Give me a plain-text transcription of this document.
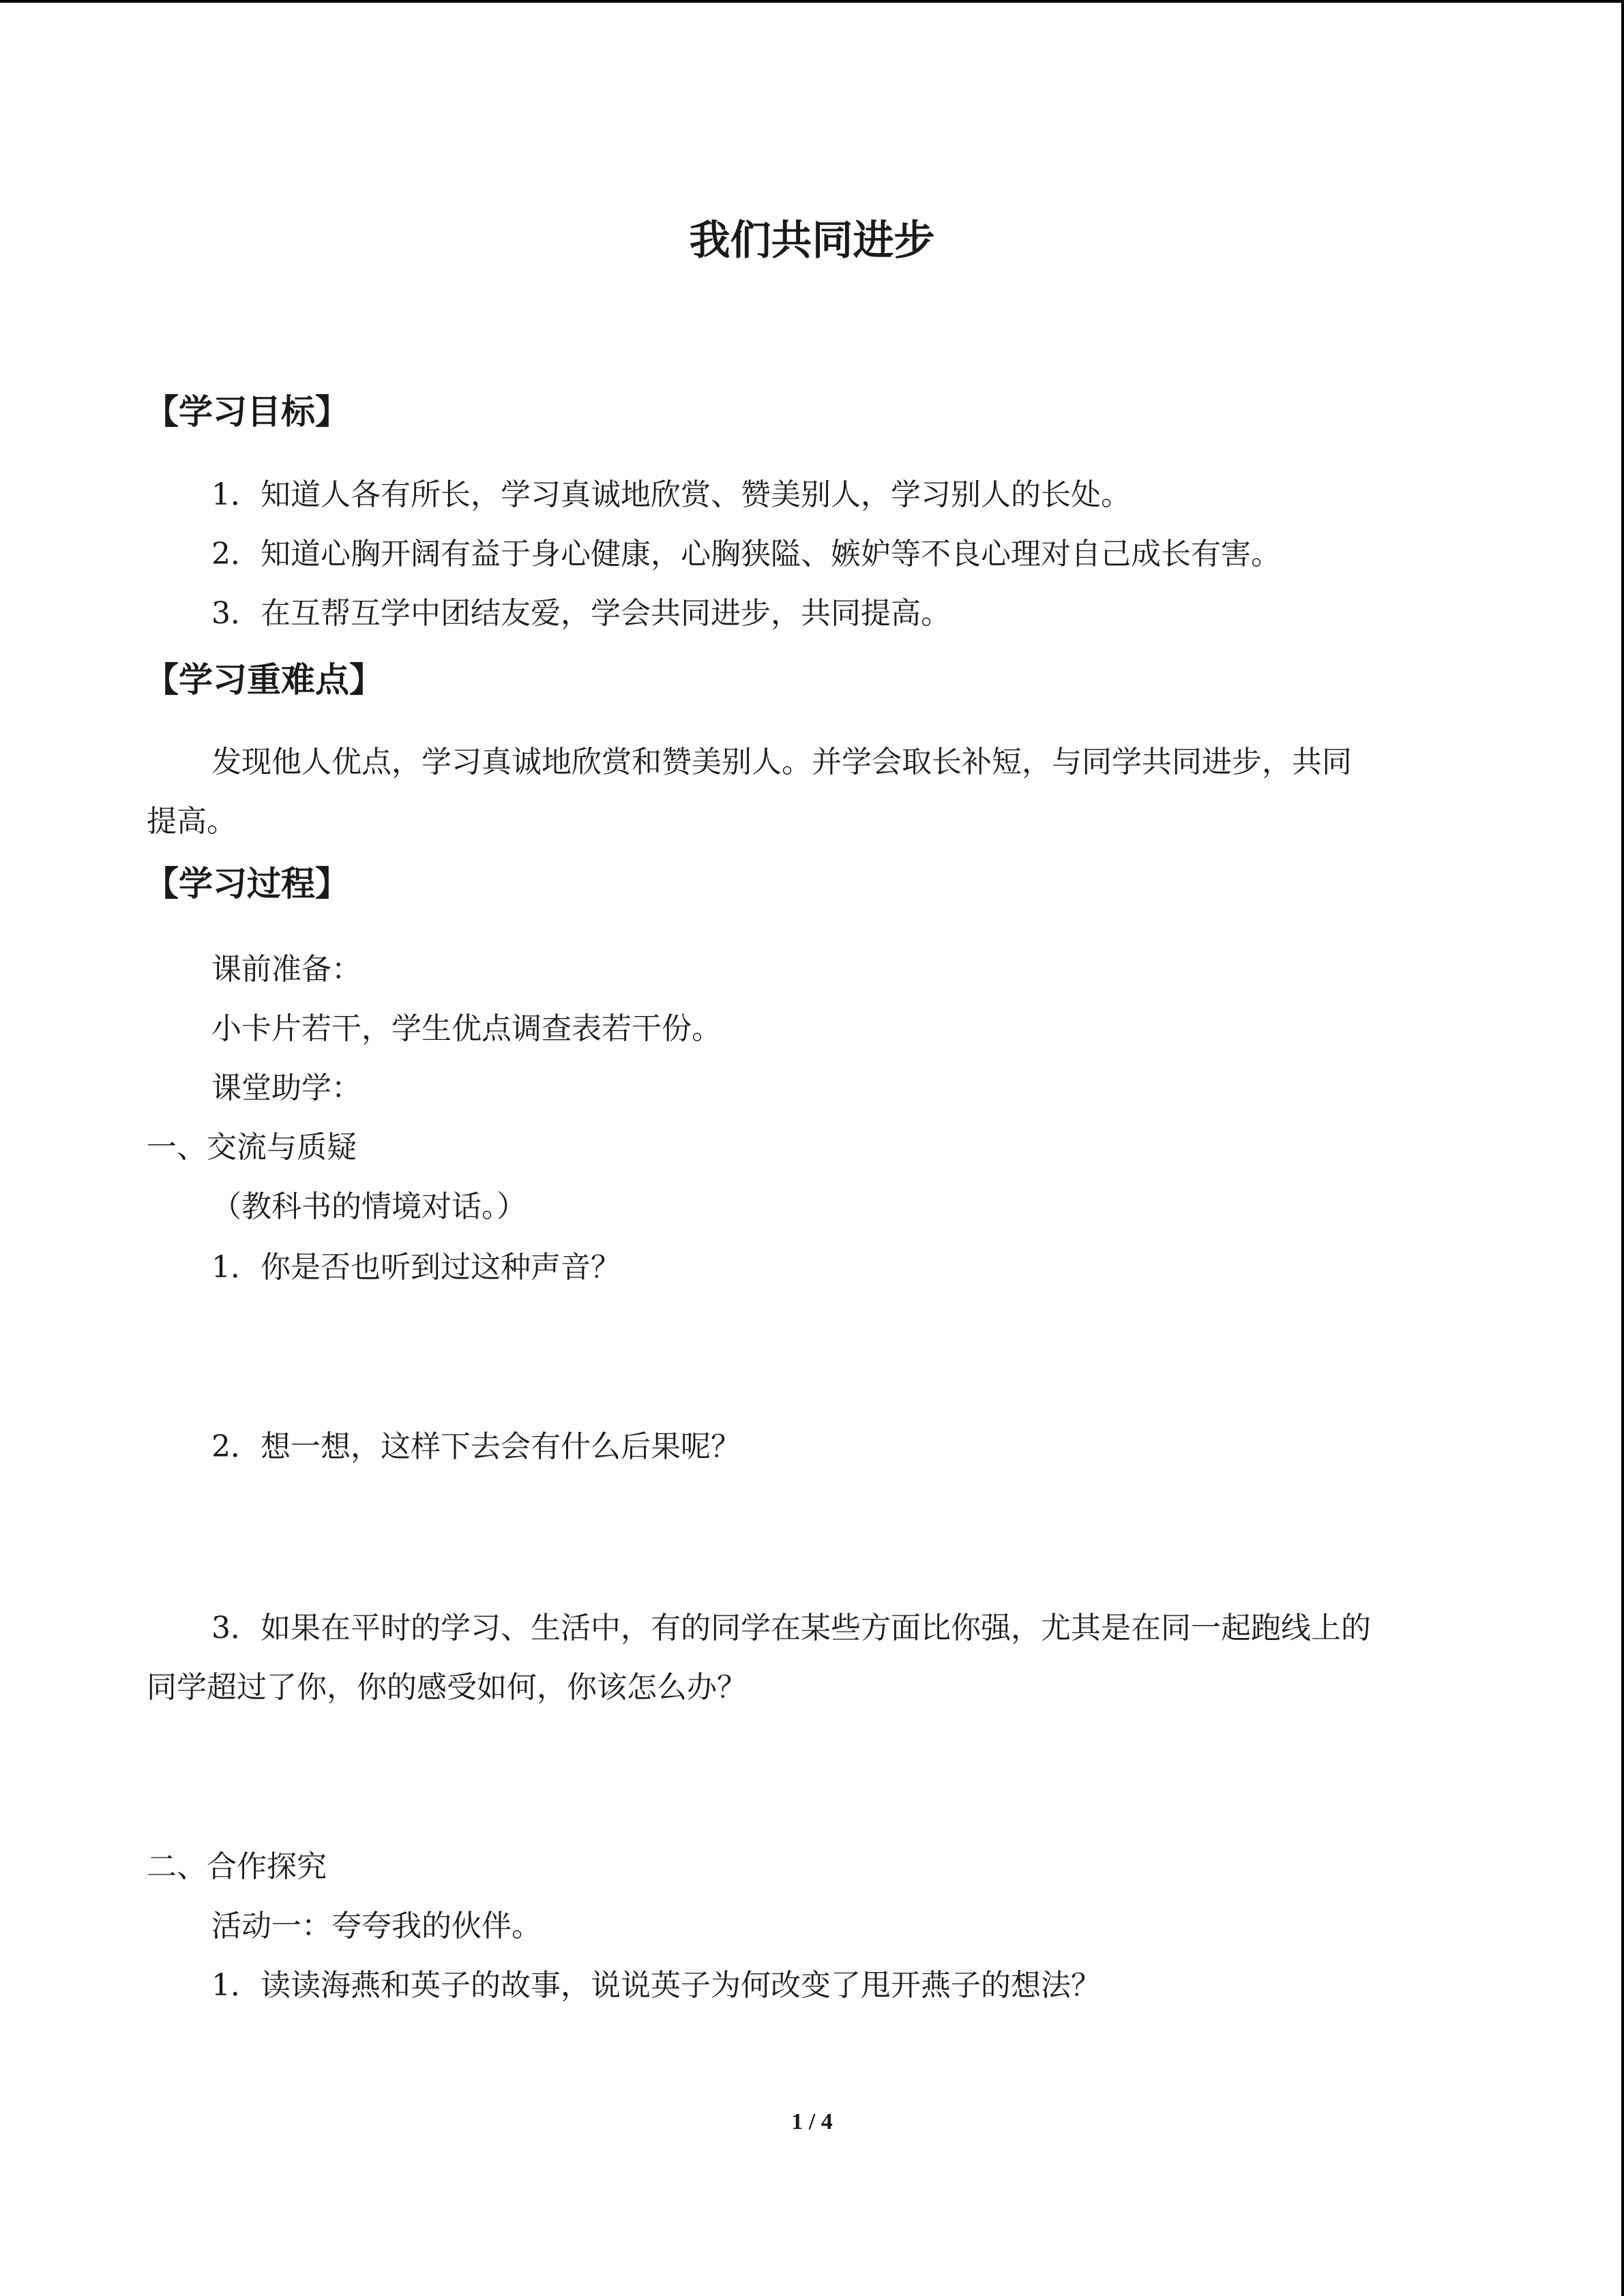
我们共同进步
【学习目标】
1．知道人各有所长，学习真诚地欣赏、赞美别人，学习别人的长处。
2．知道心胸开阔有益于身心健康，心胸狭隘、嫉妒等不良心理对自己成长有害。
3．在互帮互学中团结友爱，学会共同进步，共同提高。
【学习重难点】
发现他人优点，学习真诚地欣赏和赞美别人。并学会取长补短，与同学共同进步，共同
提高。
【学习过程】
课前准备：
小卡片若干，学生优点调查表若干份。
课堂助学：
一、交流与质疑
（教科书的情境对话。）
1．你是否也听到过这种声音？
2．想一想，这样下去会有什么后果呢？
3．如果在平时的学习、生活中，有的同学在某些方面比你强，尤其是在同一起跑线上的
同学超过了你，你的感受如何，你该怎么办？
二、合作探究
活动一：夸夸我的伙伴。
1．读读海燕和英子的故事，说说英子为何改变了甩开燕子的想法？
1 / 4
